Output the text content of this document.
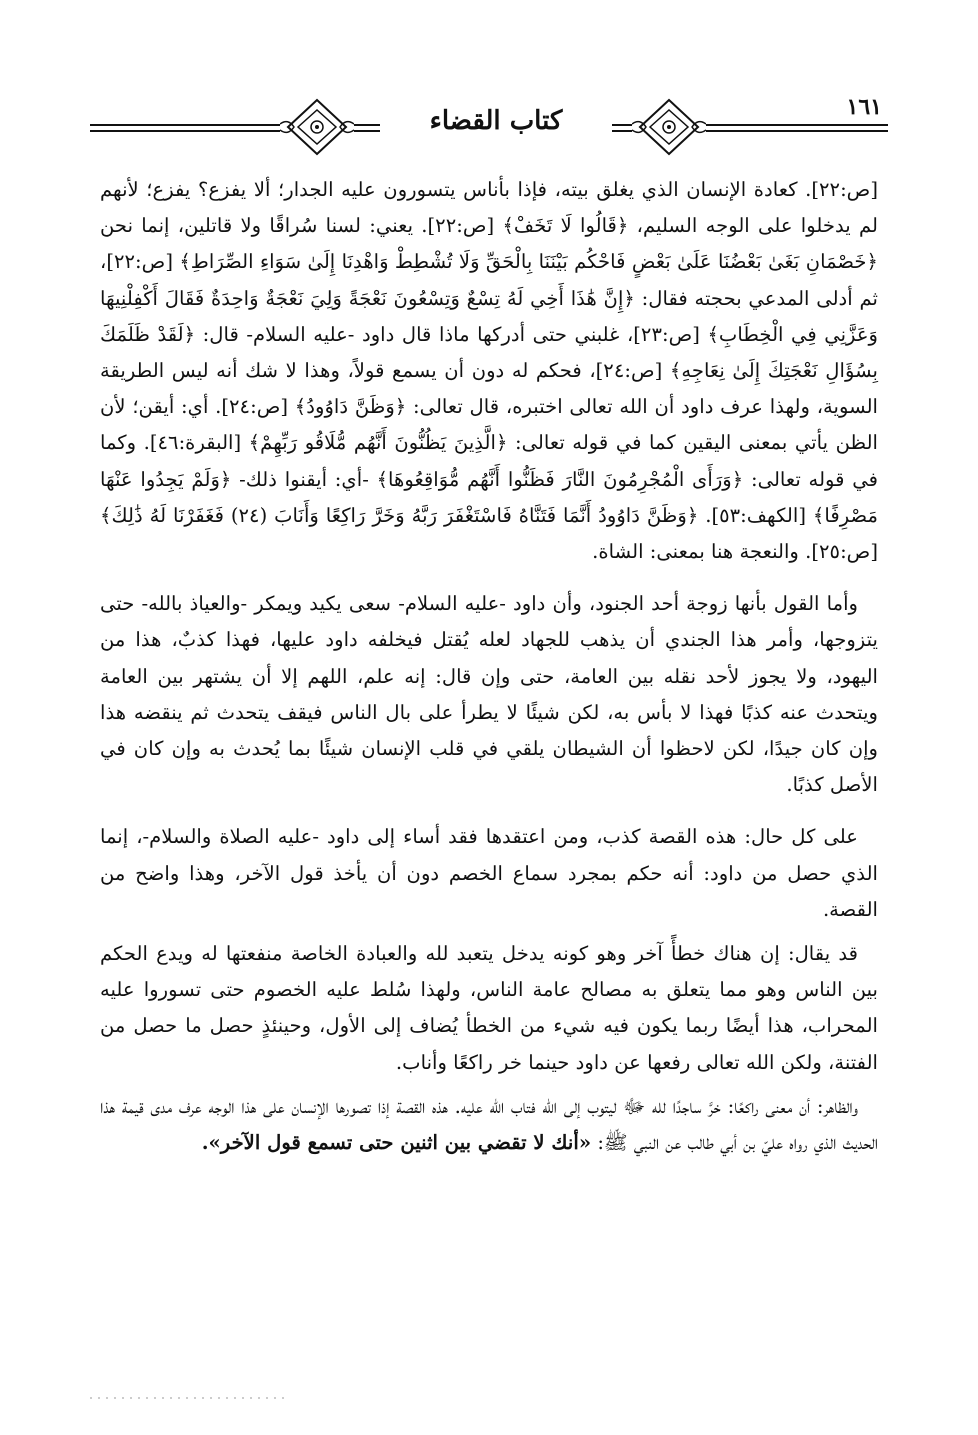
١٦١
كتاب القضاء

[ص:٢٢]. كعادة الإنسان الذي يغلق بيته، فإذا بأناس يتسورون عليه الجدار؛ ألا يفزع؟ يفزع؛ لأنهم لم يدخلوا على الوجه السليم، ﴿قَالُوا لَا تَخَفْ﴾ [ص:٢٢]. يعني: لسنا سُراقًا ولا قاتلين، إنما نحن ﴿خَصْمَانِ بَغَىٰ بَعْضُنَا عَلَىٰ بَعْضٍ فَاحْكُم بَيْنَنَا بِالْحَقِّ وَلَا تُشْطِطْ وَاهْدِنَا إِلَىٰ سَوَاءِ الصِّرَاطِ﴾ [ص:٢٢]، ثم أدلى المدعي بحجته فقال: ﴿إِنَّ هَٰذَا أَخِي لَهُ تِسْعٌ وَتِسْعُونَ نَعْجَةً وَلِيَ نَعْجَةٌ وَاحِدَةٌ فَقَالَ أَكْفِلْنِيهَا وَعَزَّنِي فِي الْخِطَابِ﴾ [ص:٢٣]، غلبني حتى أدركها ماذا قال داود -عليه السلام- قال: ﴿لَقَدْ ظَلَمَكَ بِسُؤَالِ نَعْجَتِكَ إِلَىٰ نِعَاجِهِ﴾ [ص:٢٤]، فحكم له دون أن يسمع قولاً، وهذا لا شك أنه ليس الطريقة السوية، ولهذا عرف داود أن الله تعالى اختبره، قال تعالى: ﴿وَظَنَّ دَاوُودُ﴾ [ص:٢٤]. أي: أيقن؛ لأن الظن يأتي بمعنى اليقين كما في قوله تعالى: ﴿الَّذِينَ يَظُنُّونَ أَنَّهُم مُّلَاقُو رَبِّهِمْ﴾ [البقرة:٤٦]. وكما في قوله تعالى: ﴿وَرَأَى الْمُجْرِمُونَ النَّارَ فَظَنُّوا أَنَّهُم مُّوَاقِعُوهَا﴾ -أي: أيقنوا ذلك- ﴿وَلَمْ يَجِدُوا عَنْهَا مَصْرِفًا﴾ [الكهف:٥٣]. ﴿وَظَنَّ دَاوُودُ أَنَّمَا فَتَنَّاهُ فَاسْتَغْفَرَ رَبَّهُ وَخَرَّ رَاكِعًا وَأَنَابَ (٢٤) فَغَفَرْنَا لَهُ ذَٰلِكَ﴾ [ص:٢٥]. والنعجة هنا بمعنى: الشاة.

وأما القول بأنها زوجة أحد الجنود، وأن داود -عليه السلام- سعى يكيد ويمكر -والعياذ بالله- حتى يتزوجها، وأمر هذا الجندي أن يذهب للجهاد لعله يُقتل فيخلفه داود عليها، فهذا كذبٌ، هذا من اليهود، ولا يجوز لأحد نقله بين العامة، حتى وإن قال: إنه علم، اللهم إلا أن يشتهر بين العامة ويتحدث عنه كذبًا فهذا لا بأس به، لكن شيئًا لا يطرأ على بال الناس فيقف يتحدث ثم ينقضه هذا وإن كان جيدًا، لكن لاحظوا أن الشيطان يلقي في قلب الإنسان شيئًا بما يُحدث به وإن كان في الأصل كذبًا.

على كل حال: هذه القصة كذب، ومن اعتقدها فقد أساء إلى داود -عليه الصلاة والسلام-، إنما الذي حصل من داود: أنه حكم بمجرد سماع الخصم دون أن يأخذ قول الآخر، وهذا واضح من القصة.

قد يقال: إن هناك خطأً آخر وهو كونه يدخل يتعبد لله والعبادة الخاصة منفعتها له ويدع الحكم بين الناس وهو مما يتعلق به مصالح عامة الناس، ولهذا سُلط عليه الخصوم حتى تسوروا عليه المحراب، هذا أيضًا ربما يكون فيه شيء من الخطأ يُضاف إلى الأول، وحينئذٍ حصل ما حصل من الفتنة، ولكن الله تعالى رفعها عن داود حينما خر راكعًا وأناب.

والظاهر: أن معنى راكعًا: خرَّ ساجدًا لله ﷻ ليتوب إلى الله فتاب الله عليه. هذه القصة إذا تصورها الإنسان على هذا الوجه عرف مدى قيمة هذا الحديث الذي رواه عليّ بن أبي طالب عن النبي ﷺ: «أنك لا تقضي بين اثنين حتى تسمع قول الآخر».
